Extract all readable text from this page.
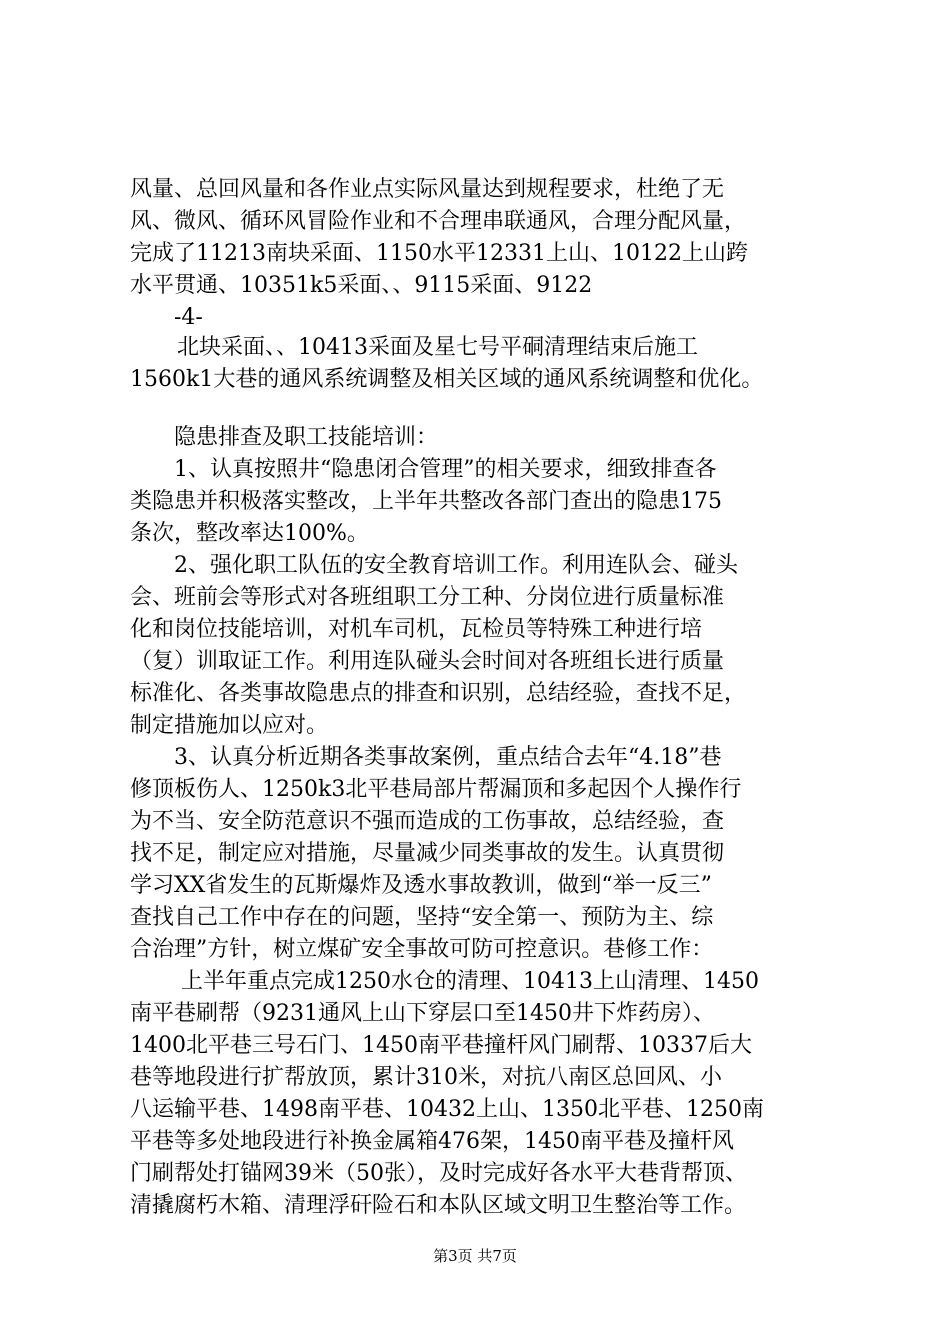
风量、总回风量和各作业点实际风量达到规程要求，杜绝了无
风、微风、循环风冒险作业和不合理串联通风，合理分配风量，
完成了11213南块采面、1150水平12331上山、10122上山跨
水平贯通、10351k5采面、、9115采面、9122
-4-
北块采面、、10413采面及星七号平硐清理结束后施工
1560k1大巷的通风系统调整及相关区域的通风系统调整和优化。
隐患排查及职工技能培训：
1、认真按照井“隐患闭合管理”的相关要求，细致排查各
类隐患并积极落实整改，上半年共整改各部门查出的隐患175
条次，整改率达100%。
2、强化职工队伍的安全教育培训工作。利用连队会、碰头
会、班前会等形式对各班组职工分工种、分岗位进行质量标准
化和岗位技能培训，对机车司机，瓦检员等特殊工种进行培
（复）训取证工作。利用连队碰头会时间对各班组长进行质量
标准化、各类事故隐患点的排查和识别，总结经验，查找不足，
制定措施加以应对。
3、认真分析近期各类事故案例，重点结合去年“4.18”巷
修顶板伤人、1250k3北平巷局部片帮漏顶和多起因个人操作行
为不当、安全防范意识不强而造成的工伤事故，总结经验，查
找不足，制定应对措施，尽量减少同类事故的发生。认真贯彻
学习XX省发生的瓦斯爆炸及透水事故教训，做到“举一反三”
查找自己工作中存在的问题，坚持“安全第一、预防为主、综
合治理”方针，树立煤矿安全事故可防可控意识。巷修工作：
上半年重点完成1250水仓的清理、10413上山清理、1450
南平巷刷帮（9231通风上山下穿层口至1450井下炸药房）、
1400北平巷三号石门、1450南平巷撞杆风门刷帮、10337后大
巷等地段进行扩帮放顶，累计310米，对抗八南区总回风、小
八运输平巷、1498南平巷、10432上山、1350北平巷、1250南
平巷等多处地段进行补换金属箱476架，1450南平巷及撞杆风
门刷帮处打锚网39米（50张），及时完成好各水平大巷背帮顶、
清撬腐朽木箱、清理浮矸险石和本队区域文明卫生整治等工作。
第3页 共7页
